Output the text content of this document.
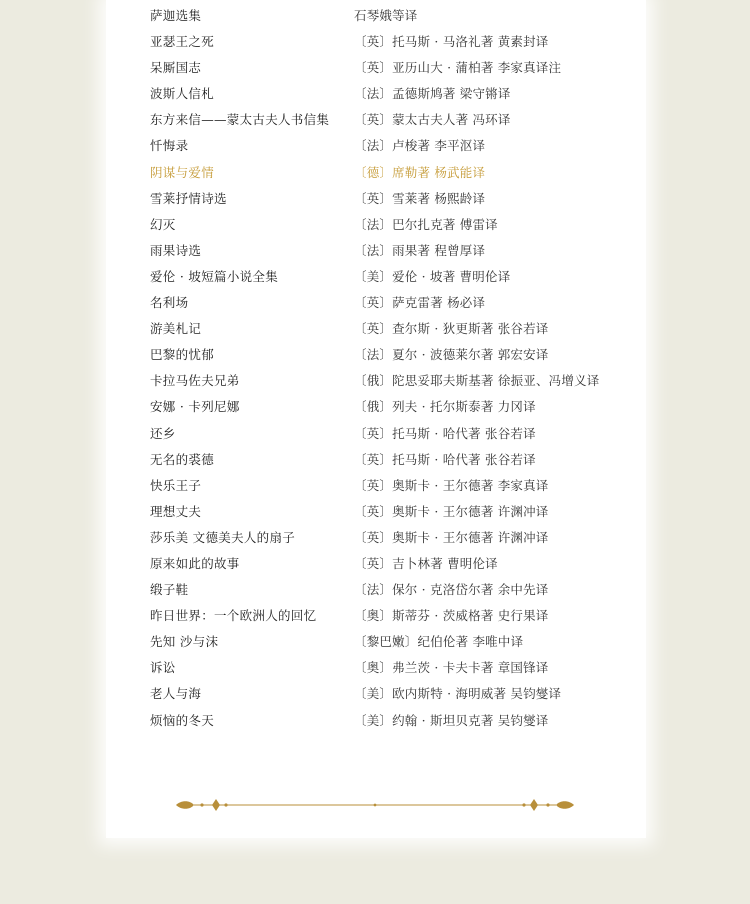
萨迦选集	石琴娥等译
亚瑟王之死	〔英〕托马斯 · 马洛礼著 黄素封译
呆厮国志	〔英〕亚历山大 · 蒲柏著 李家真译注
波斯人信札	〔法〕孟德斯鸠著 梁守锵译
东方来信——蒙太古夫人书信集 〔英〕蒙太古夫人著 冯环译
忏悔录	〔法〕卢梭著 李平沤译
阴谋与爱情	〔德〕席勒著 杨武能译
雪莱抒情诗选	〔英〕雪莱著 杨熙龄译
幻灭	〔法〕巴尔扎克著 傅雷译
雨果诗选	〔法〕雨果著 程曾厚译
爱伦 · 坡短篇小说全集	〔美〕爱伦 · 坡著 曹明伦译
名利场	〔英〕萨克雷著 杨必译
游美札记	〔英〕查尔斯 · 狄更斯著 张谷若译
巴黎的忧郁	〔法〕夏尔 · 波德莱尔著 郭宏安译
卡拉马佐夫兄弟	〔俄〕陀思妥耶夫斯基著 徐振亚、冯增义译
安娜 · 卡列尼娜	〔俄〕列夫 · 托尔斯泰著 力冈译
还乡	〔英〕托马斯 · 哈代著 张谷若译
无名的裘德	〔英〕托马斯 · 哈代著 张谷若译
快乐王子	〔英〕奥斯卡 · 王尔德著 李家真译
理想丈夫	〔英〕奥斯卡 · 王尔德著 许渊冲译
莎乐美 文德美夫人的扇子	〔英〕奥斯卡 · 王尔德著 许渊冲译
原来如此的故事	〔英〕吉卜林著 曹明伦译
缎子鞋	〔法〕保尔 · 克洛岱尔著 余中先译
昨日世界：一个欧洲人的回忆	〔奥〕斯蒂芬 · 茨威格著 史行果译
先知 沙与沫	〔黎巴嫩〕纪伯伦著 李唯中译
诉讼	〔奥〕弗兰茨 · 卡夫卡著 章国锋译
老人与海	〔美〕欧内斯特 · 海明威著 吴钧燮译
烦恼的冬天	〔美〕约翰 · 斯坦贝克著 吴钧燮译
